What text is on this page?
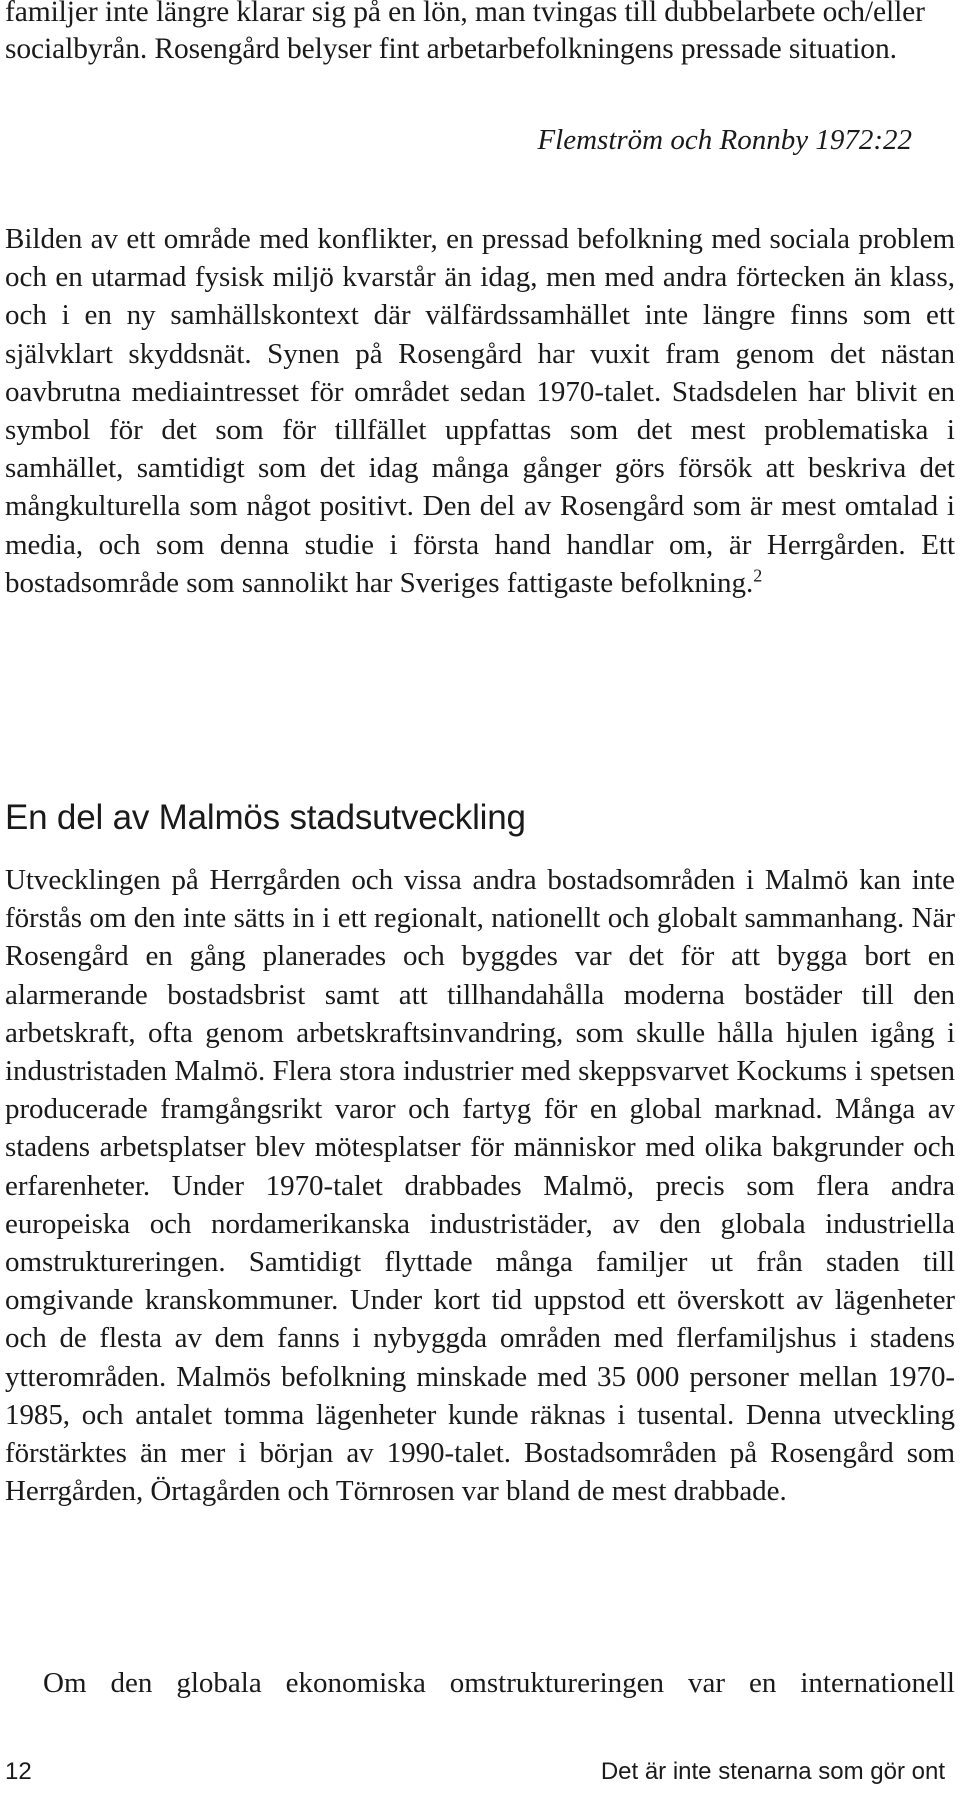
familjer inte längre klarar sig på en lön, man tvingas till dubbelarbete och/eller socialbyrån. Rosengård belyser fint arbetarbefolkningens pressade situation.

Flemström och Ronnby 1972:22

Bilden av ett område med konflikter, en pressad befolkning med sociala problem och en utarmad fysisk miljö kvarstår än idag, men med andra förtecken än klass, och i en ny samhällskontext där välfärdssamhället inte längre finns som ett självklart skyddsnät. Synen på Rosengård har vuxit fram genom det nästan oavbrutna mediaintresset för området sedan 1970-talet. Stadsdelen har blivit en symbol för det som för tillfället uppfattas som det mest problematiska i samhället, samtidigt som det idag många gånger görs försök att beskriva det mångkulturella som något positivt. Den del av Rosengård som är mest omtalad i media, och som denna studie i första hand handlar om, är Herrgården. Ett bostadsområde som sannolikt har Sveriges fattigaste befolkning.$^2$

En del av Malmös stadsutveckling

Utvecklingen på Herrgården och vissa andra bostadsområden i Malmö kan inte förstås om den inte sätts in i ett regionalt, nationellt och globalt sammanhang. När Rosengård en gång planerades och byggdes var det för att bygga bort en alarmerande bostadsbrist samt att tillhandahålla moderna bostäder till den arbetskraft, ofta genom arbetskraftsinvandring, som skulle hålla hjulen igång i industristaden Malmö. Flera stora industrier med skeppsvarvet Kockums i spetsen producerade framgångsrikt varor och fartyg för en global marknad. Många av stadens arbetsplatser blev mötesplatser för människor med olika bakgrunder och erfarenheter. Under 1970-talet drabbades Malmö, precis som flera andra europeiska och nordamerikanska industristäder, av den globala industriella omstruktureringen. Samtidigt flyttade många familjer ut från staden till omgivande kranskommuner. Under kort tid uppstod ett överskott av lägenheter och de flesta av dem fanns i nybyggda områden med flerfamiljshus i stadens ytterområden. Malmös befolkning minskade med 35 000 personer mellan 1970-1985, och antalet tomma lägenheter kunde räknas i tusental. Denna utveckling förstärktes än mer i början av 1990-talet. Bostadsområden på Rosengård som Herrgården, Örtagården och Törnrosen var bland de mest drabbade.

Om den globala ekonomiska omstruktureringen var en internationell

12	Det är inte stenarna som gör ont
